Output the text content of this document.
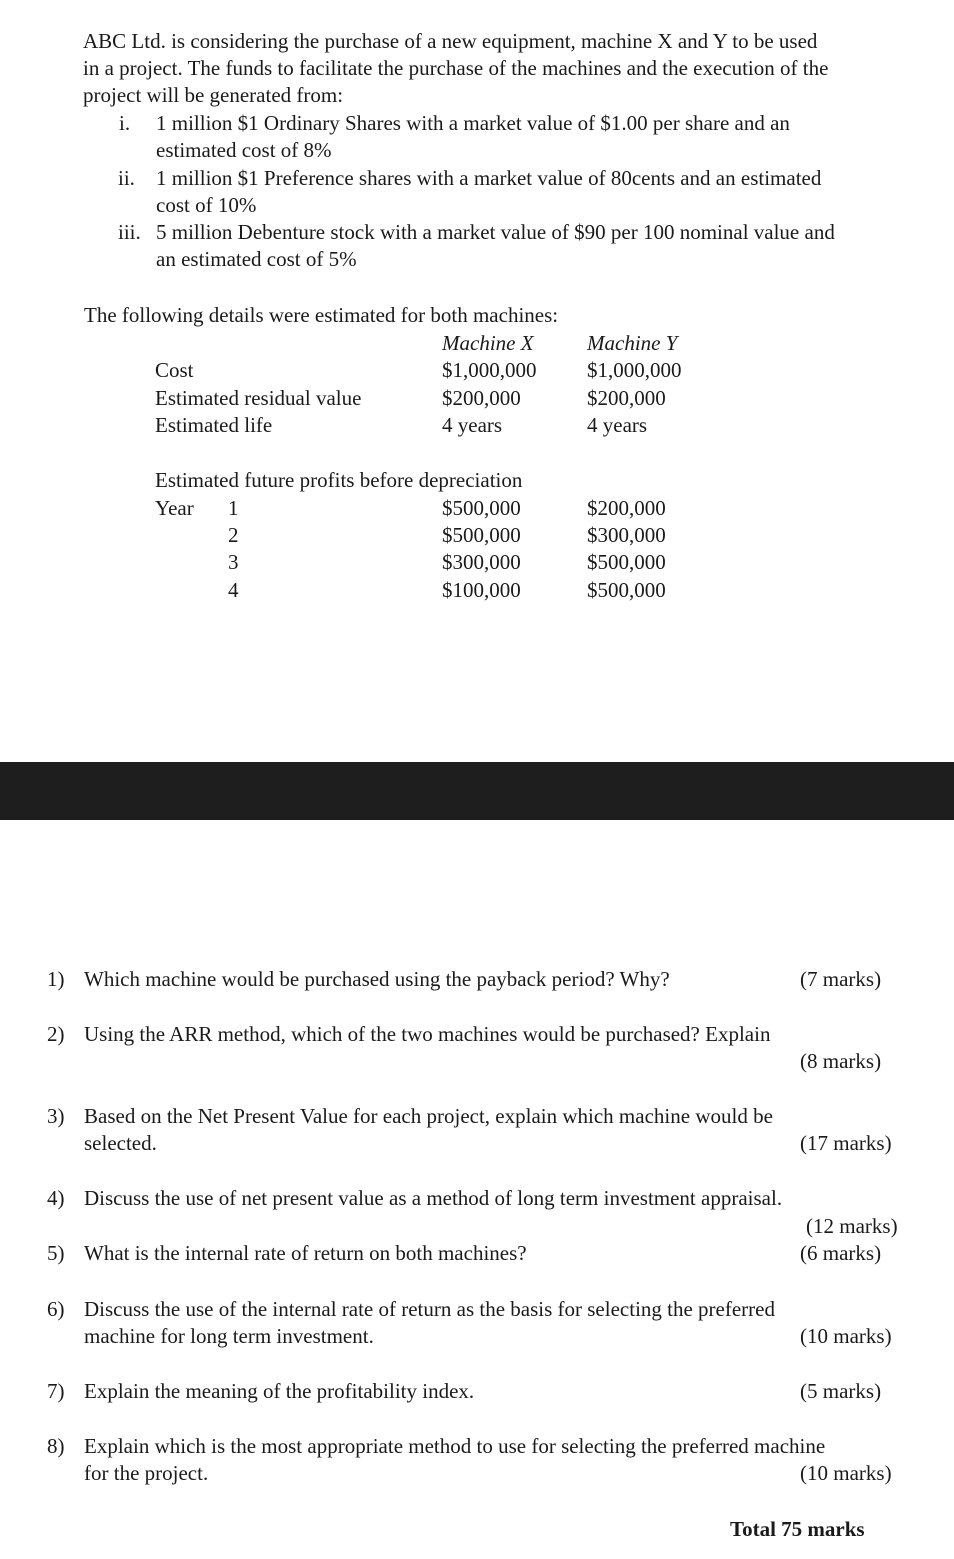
ABC Ltd. is considering the purchase of a new equipment, machine X and Y to be used
in a project. The funds to facilitate the purchase of the machines and the execution of the
project will be generated from:
i. 1 million $1 Ordinary Shares with a market value of $1.00 per share and an
estimated cost of 8%
ii. 1 million $1 Preference shares with a market value of 80cents and an estimated
cost of 10%
iii. 5 million Debenture stock with a market value of $90 per 100 nominal value and
an estimated cost of 5%
The following details were estimated for both machines:
Machine X	Machine Y
Cost	$1,000,000 $1,000,000
Estimated residual value	$200,000	$200,000
Estimated life	4 years	4 years
Estimated future profits before depreciation
Year 1	$500,000	$200,000
2	$500,000	$300,000
3	$300,000	$500,000
4	$100,000	$500,000
1) Which machine would be purchased using the payback period? Why?	(7 marks)
2) Using the ARR method, which of the two machines would be purchased? Explain
(8 marks)
3) Based on the Net Present Value for each project, explain which machine would be
selected.	(17 marks)
4) Discuss the use of net present value as a method of long term investment appraisal.
(12 marks)
5) What is the internal rate of return on both machines?	(6 marks)
6) Discuss the use of the internal rate of return as the basis for selecting the preferred
machine for long term investment.	(10 marks)
7) Explain the meaning of the profitability index.	(5 marks)
8) Explain which is the most appropriate method to use for selecting the preferred machine
for the project.	(10 marks)
Total 75 marks
